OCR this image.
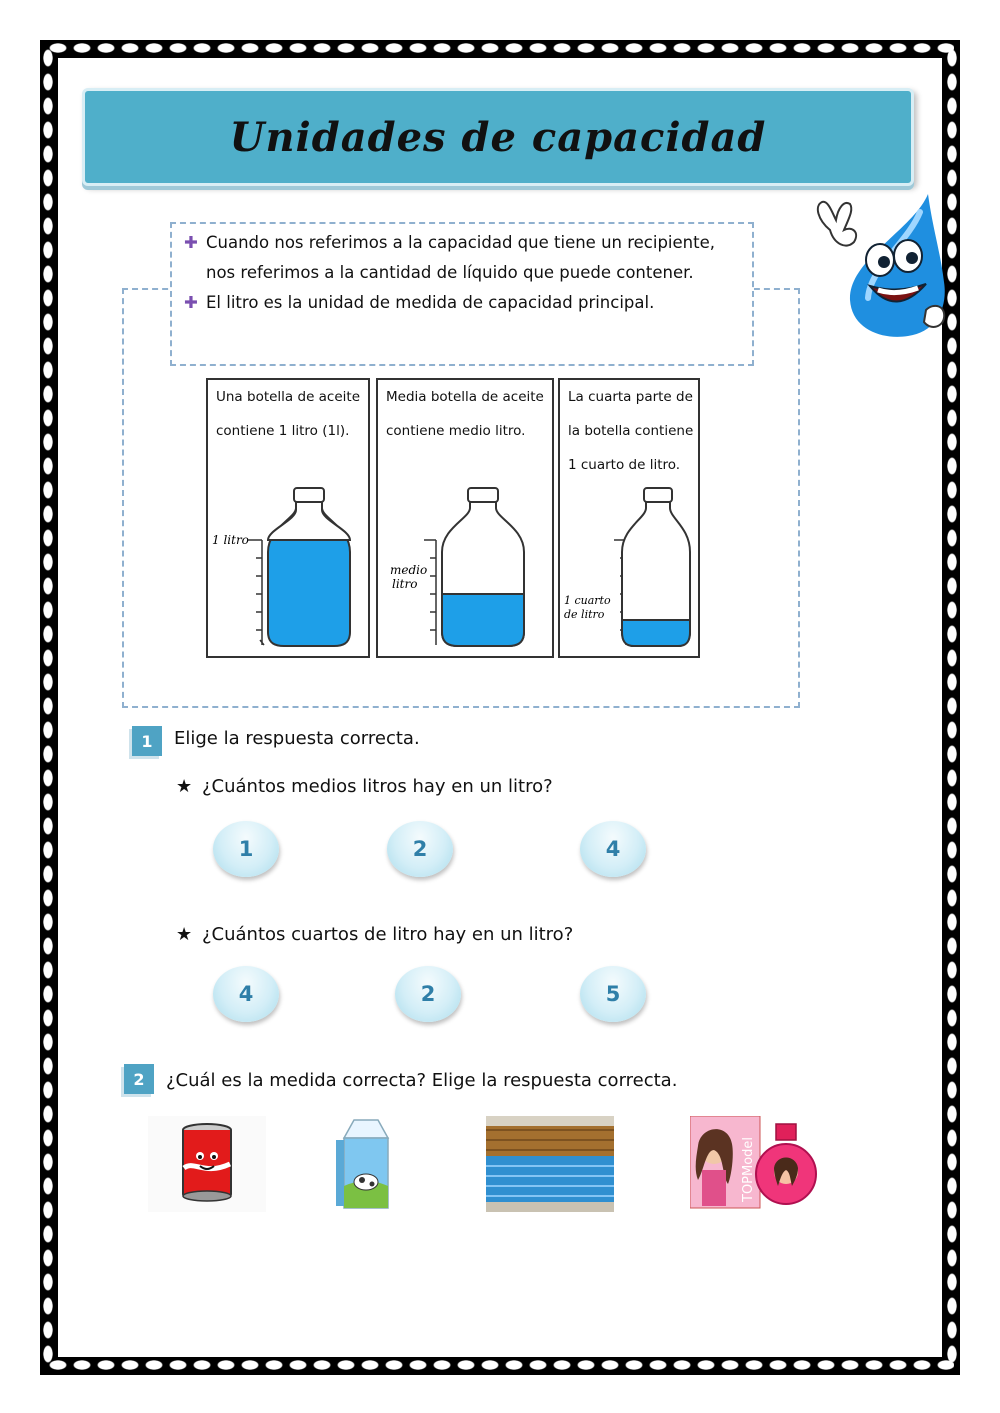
Unidades de capacidad
✚ Cuando nos referimos a la capacidad que tiene un recipiente,
nos referimos a la cantidad de líquido que puede contener.
✚ El litro es la unidad de medida de capacidad principal.
Una botella de aceite
contiene 1 litro (1l).
1 litro
Media botella de aceite
contiene medio litro.
medio
litro
La cuarta parte de
la botella contiene
1 cuarto de litro.
1 cuarto
de litro
1	Elige la respuesta correcta.
★ ¿Cuántos medios litros hay en un litro?
1	2	4
★ ¿Cuántos cuartos de litro hay en un litro?
4	2	5
2	¿Cuál es la medida correcta? Elige la respuesta correcta.
TOPModel
